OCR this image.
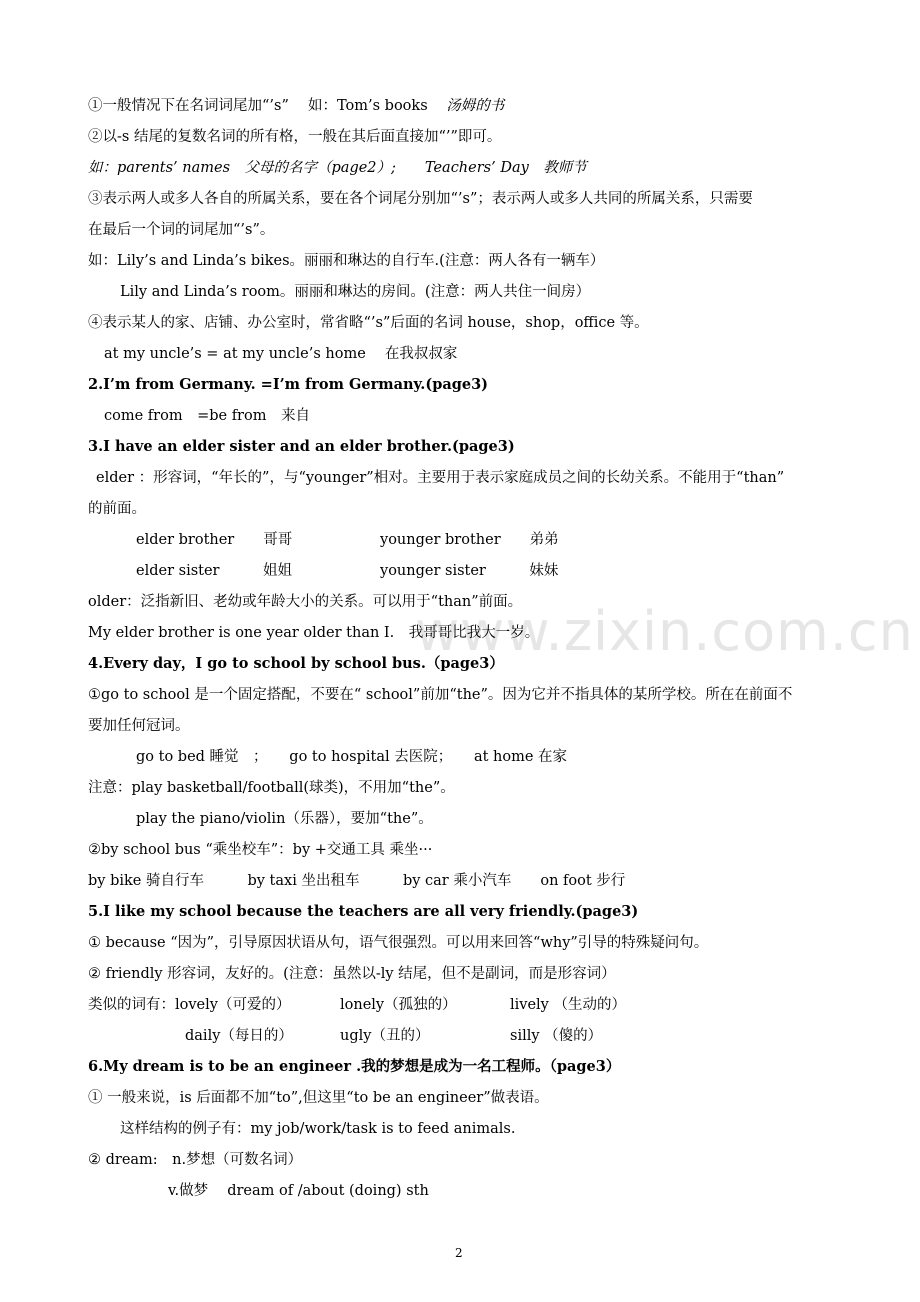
www.zixin.com.cn
①一般情况下在名词词尾加“’s”　 如：Tom’s books 汤姆的书
②以-s 结尾的复数名词的所有格，一般在其后面直接加“’”即可。
如：parents’ names　父母的名字（page2）;　　Teachers’ Day　教师节
③表示两人或多人各自的所属关系，要在各个词尾分别加“’s”；表示两人或多人共同的所属关系，只需要
在最后一个词的词尾加“’s”。
如：Lily’s and Linda’s bikes。丽丽和琳达的自行车.(注意：两人各有一辆车）
Lily and Linda’s room。丽丽和琳达的房间。(注意：两人共住一间房）
④表示某人的家、店铺、办公室时，常省略“’s”后面的名词 house，shop，office 等。
at my uncle’s = at my uncle’s home　 在我叔叔家
2.I’m from Germany. =I’m from Germany.(page3)
come from　=be from　来自
3.I have an elder sister and an elder brother.(page3)
elder ：形容词，“年长的”，与“younger”相对。主要用于表示家庭成员之间的长幼关系。不能用于“than”
的前面。
elder brother　　哥哥	younger brother　　弟弟
elder sister　　　姐姐	younger sister　　　妹妹
older：泛指新旧、老幼或年龄大小的关系。可以用于“than”前面。
My elder brother is one year older than I.　我哥哥比我大一岁。
4.Every day，I go to school by school bus.（page3）
①go to school 是一个固定搭配，不要在“ school”前加“the”。因为它并不指具体的某所学校。所在在前面不
要加任何冠词。
go to bed 睡觉　；　　go to hospital 去医院；　　at home 在家
注意：play basketball/football(球类)，不用加“the”。
play the piano/violin（乐器），要加“the”。
②by school bus “乘坐校车”：by +交通工具 乘坐···
by bike 骑自行车　　　by taxi 坐出租车　　　by car 乘小汽车　　on foot 步行
5.I like my school because the teachers are all very friendly.(page3)
① because “因为”，引导原因状语从句，语气很强烈。可以用来回答“why”引导的特殊疑问句。
② friendly 形容词，友好的。(注意：虽然以-ly 结尾，但不是副词，而是形容词）
类似的词有：lovely（可爱的）	lonely（孤独的）	lively （生动的）
daily（每日的）	ugly（丑的）	silly （傻的）
6.My dream is to be an engineer .我的梦想是成为一名工程师。（page3）
① 一般来说，is 后面都不加“to”,但这里“to be an engineer”做表语。
这样结构的例子有：my job/work/task is to feed animals.
② dream:　n.梦想（可数名词）
v.做梦　 dream of /about (doing) sth
2
